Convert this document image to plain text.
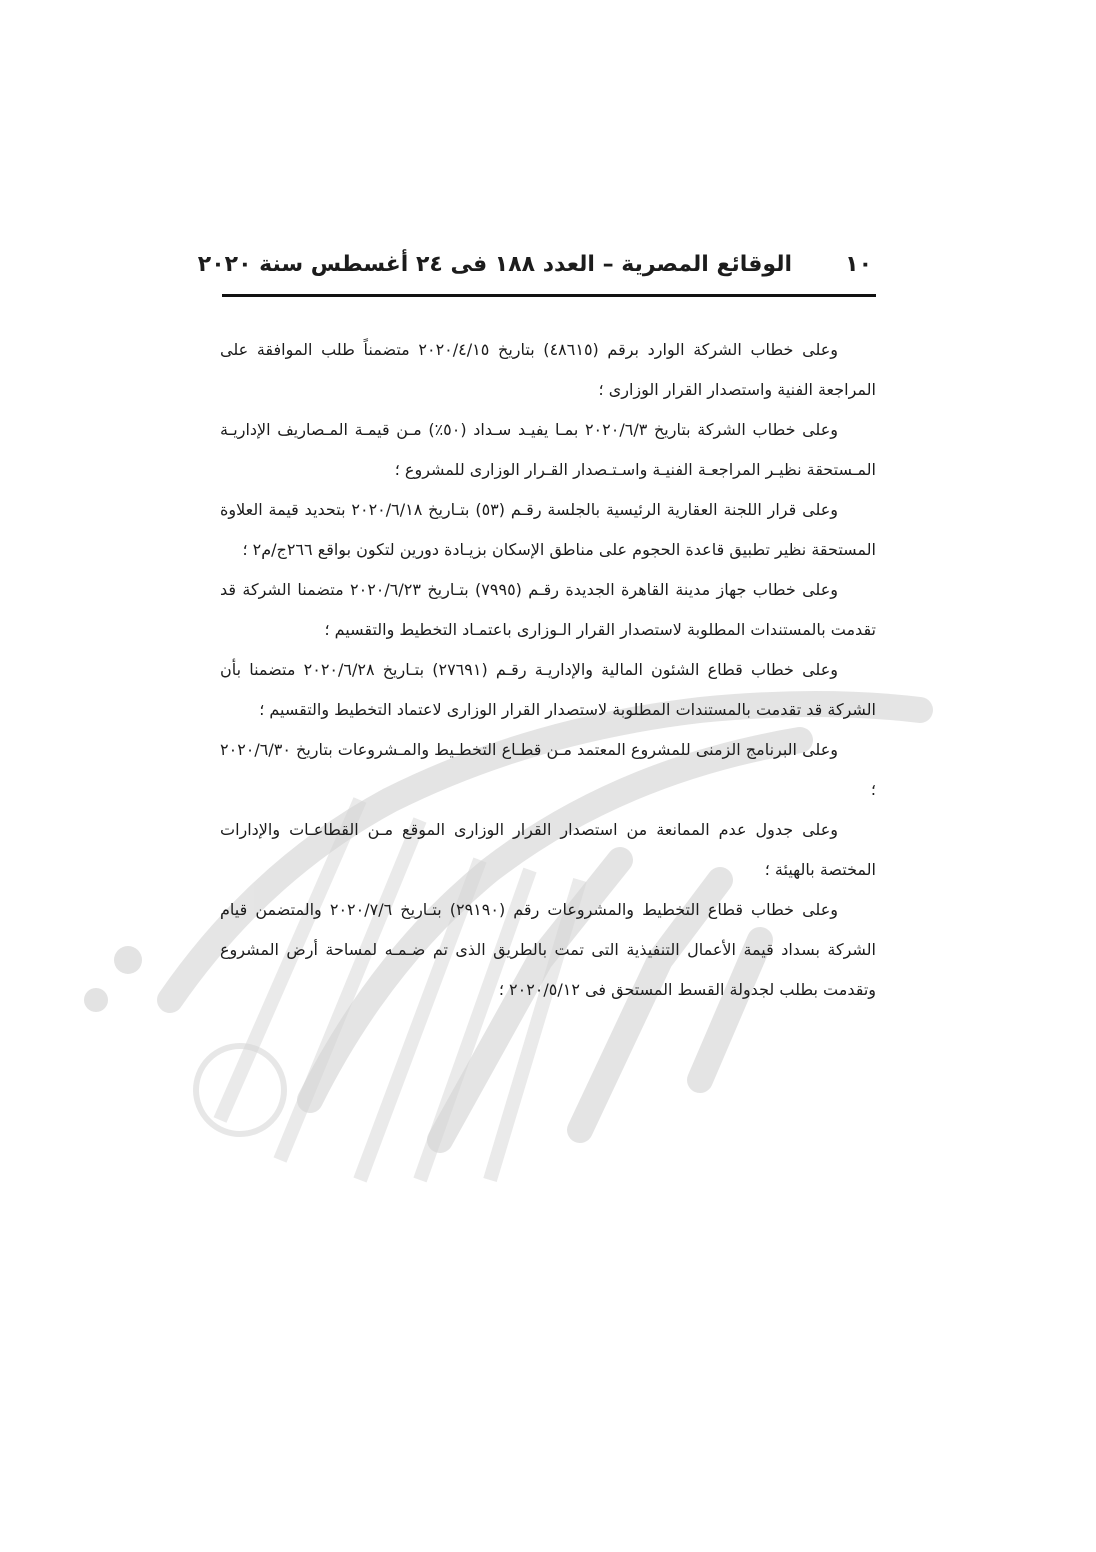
١٠
الوقائع المصرية – العدد ١٨٨ فى ٢٤ أغسطس سنة ٢٠٢٠

وعلى خطاب الشركة الوارد برقم (٤٨٦١٥) بتاريخ ٢٠٢٠/٤/١٥ متضمناً طلب الموافقة على المراجعة الفنية واستصدار القرار الوزارى ؛

وعلى خطاب الشركة بتاريخ ٢٠٢٠/٦/٣ بمـا يفيـد سـداد (٥٠٪) مـن قيمـة المـصاريف الإداريـة المـستحقة نظيـر المراجعـة الفنيـة واسـتـصدار القـرار الوزارى للمشروع ؛

وعلى قرار اللجنة العقارية الرئيسية بالجلسة رقـم (٥٣) بتـاريخ ٢٠٢٠/٦/١٨ بتحديد قيمة العلاوة المستحقة نظير تطبيق قاعدة الحجوم على مناطق الإسكان بزيـادة دورين لتكون بواقع ٢٦٦ج/م٢ ؛

وعلى خطاب جهاز مدينة القاهرة الجديدة رقـم (٧٩٩٥) بتـاريخ ٢٠٢٠/٦/٢٣ متضمنا الشركة قد تقدمت بالمستندات المطلوبة لاستصدار القرار الـوزارى باعتمـاد التخطيط والتقسيم ؛

وعلى خطاب قطاع الشئون المالية والإداريـة رقـم (٢٧٦٩١) بتـاريخ ٢٠٢٠/٦/٢٨ متضمنا بأن الشركة قد تقدمت بالمستندات المطلوبة لاستصدار القرار الوزارى لاعتماد التخطيط والتقسيم ؛

وعلى البرنامج الزمنى للمشروع المعتمد مـن قطـاع التخطـيط والمـشروعات بتاريخ ٢٠٢٠/٦/٣٠ ؛

وعلى جدول عدم الممانعة من استصدار القرار الوزارى الموقع مـن القطاعـات والإدارات المختصة بالهيئة ؛

وعلى خطاب قطاع التخطيط والمشروعات رقم (٢٩١٩٠) بتـاريخ ٢٠٢٠/٧/٦ والمتضمن قيام الشركة بسداد قيمة الأعمال التنفيذية التى تمت بالطريق الذى تم ضـمـه لمساحة أرض المشروع وتقدمت بطلب لجدولة القسط المستحق فى ٢٠٢٠/٥/١٢ ؛
